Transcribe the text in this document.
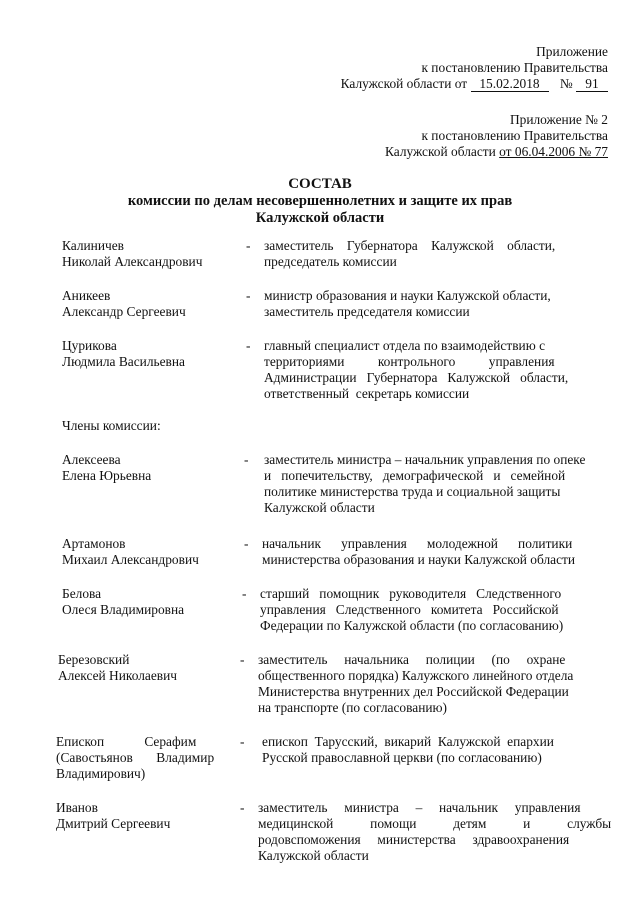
Приложение
к постановлению Правительства
Калужской области от 15.02.2018 № 91
Приложение № 2
к постановлению Правительства
Калужской области от 06.04.2006 № 77
СОСТАВ
комиссии по делам несовершеннолетних и защите их прав
Калужской области
Калиничев
Николай Александрович
- заместитель    Губернатора    Калужской    области,
председатель комиссии
Аникеев
Александр Сергеевич
- министр образования и науки Калужской области,
заместитель председателя комиссии
Цурикова
Людмила Васильевна
- главный специалист отдела по взаимодействию с
территориями          контрольного          управления
Администрации   Губернатора   Калужской   области,
ответственный  секретарь комиссии
Члены комиссии:
Алексеева
Елена Юрьевна
- заместитель министра – начальник управления по опеке
и   попечительству,   демографической   и   семейной
политике министерства труда и социальной защиты
Калужской области
Артамонов
Михаил Александрович
- начальник      управления      молодежной      политики
министерства образования и науки Калужской области
Белова
Олеся Владимировна
- старший   помощник   руководителя   Следственного
управления   Следственного   комитета   Российской
Федерации по Калужской области (по согласованию)
Березовский
Алексей Николаевич
- заместитель     начальника     полиции     (по     охране
общественного порядка) Калужского линейного отдела
Министерства внутренних дел Российской Федерации
на транспорте (по согласованию)
Епископ            Серафим
(Савостьянов       Владимир
Владимирович)
- епископ  Тарусский,  викарий  Калужской  епархии
Русской православной церкви (по согласованию)
Иванов
Дмитрий Сергеевич
- заместитель     министра     –     начальник     управления
медицинской           помощи           детям           и           службы
родовспоможения     министерства     здравоохранения
Калужской области
